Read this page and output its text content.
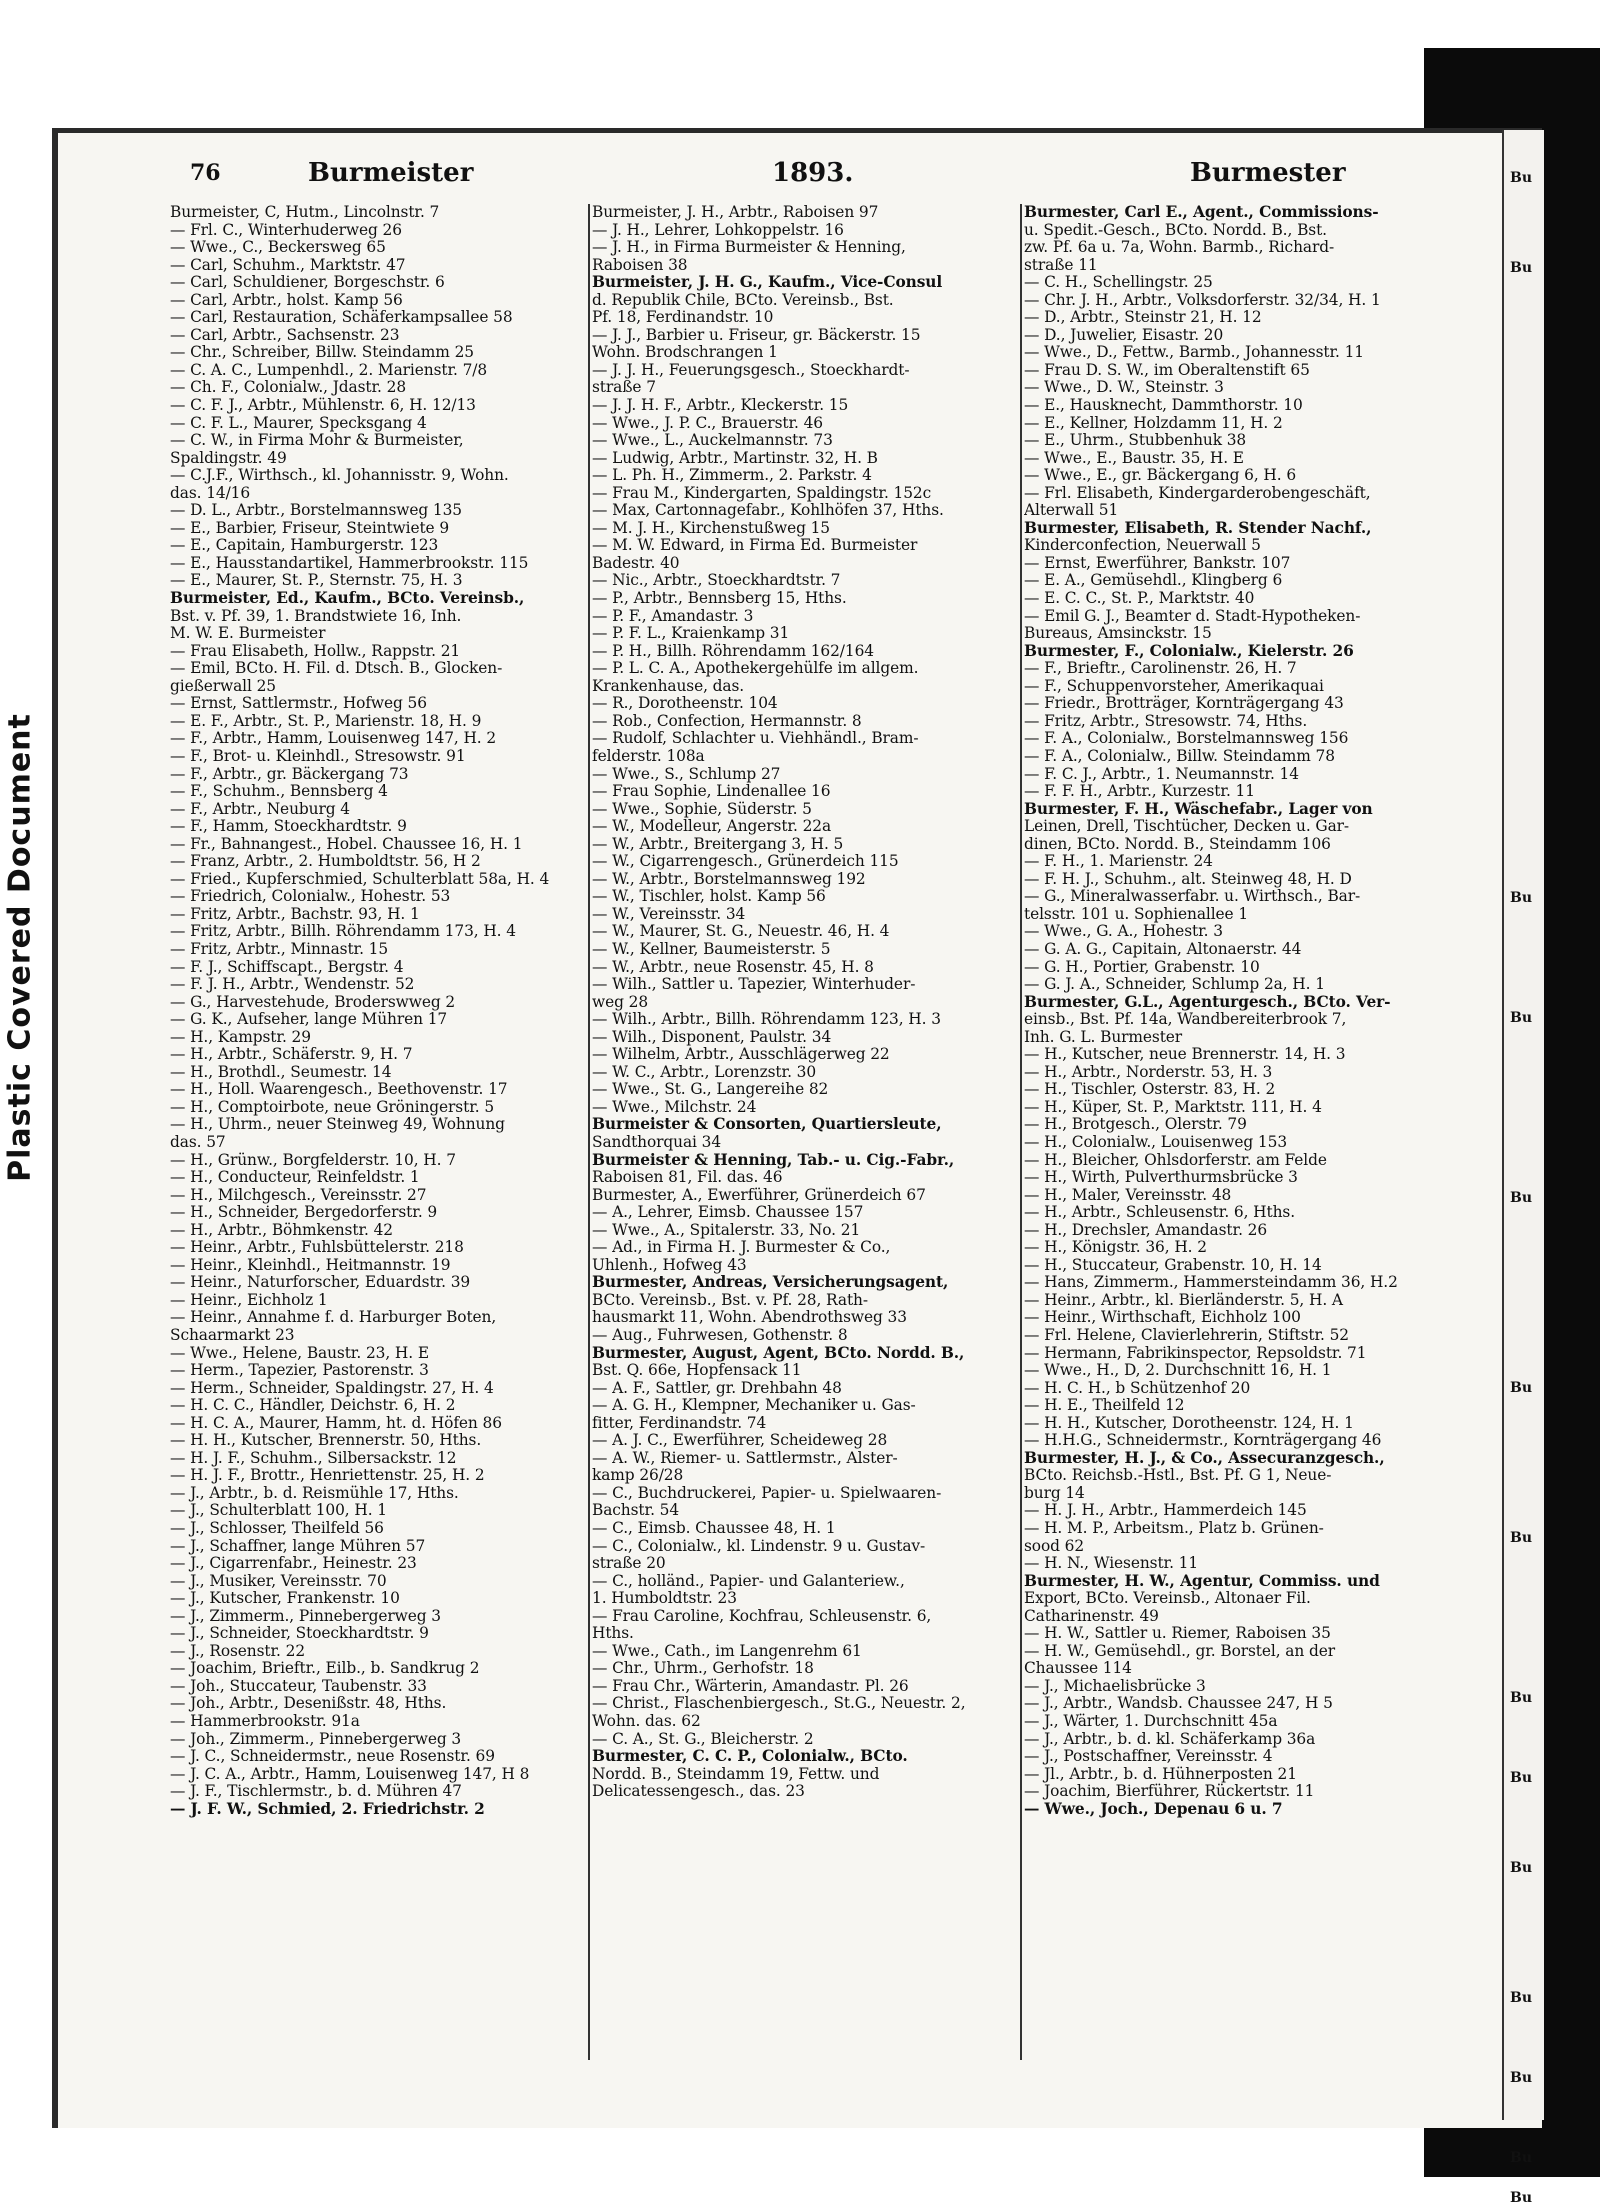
Plastic Covered Document
Bu
Bu
Bu
Bu
Bu
Bu
Bu
Bu
Bu
Bu
Bu
Bu
Bu
Bu
76	Burmeister	1893.	Burmester
Burmeister, C, Hutm., Lincolnstr. 7
— Frl. C., Winterhuderweg 26
— Wwe., C., Beckersweg 65
— Carl, Schuhm., Marktstr. 47
— Carl, Schuldiener, Borgeschstr. 6
— Carl, Arbtr., holst. Kamp 56
— Carl, Restauration, Schäferkampsallee 58
— Carl, Arbtr., Sachsenstr. 23
— Chr., Schreiber, Billw. Steindamm 25
— C. A. C., Lumpenhdl., 2. Marienstr. 7/8
— Ch. F., Colonialw., Jdastr. 28
— C. F. J., Arbtr., Mühlenstr. 6, H. 12/13
— C. F. L., Maurer, Specksgang 4
— C. W., in Firma Mohr & Burmeister,
Spaldingstr. 49
— C.J.F., Wirthsch., kl. Johannisstr. 9, Wohn.
das. 14/16
— D. L., Arbtr., Borstelmannsweg 135
— E., Barbier, Friseur, Steintwiete 9
— E., Capitain, Hamburgerstr. 123
— E., Hausstandartikel, Hammerbrookstr. 115
— E., Maurer, St. P., Sternstr. 75, H. 3
Burmeister, Ed., Kaufm., BCto. Vereinsb.,
Bst. v. Pf. 39, 1. Brandstwiete 16, Inh.
M. W. E. Burmeister
— Frau Elisabeth, Hollw., Rappstr. 21
— Emil, BCto. H. Fil. d. Dtsch. B., Glocken-
gießerwall 25
— Ernst, Sattlermstr., Hofweg 56
— E. F., Arbtr., St. P., Marienstr. 18, H. 9
— F., Arbtr., Hamm, Louisenweg 147, H. 2
— F., Brot- u. Kleinhdl., Stresowstr. 91
— F., Arbtr., gr. Bäckergang 73
— F., Schuhm., Bennsberg 4
— F., Arbtr., Neuburg 4
— F., Hamm, Stoeckhardtstr. 9
— Fr., Bahnangest., Hobel. Chaussee 16, H. 1
— Franz, Arbtr., 2. Humboldtstr. 56, H 2
— Fried., Kupferschmied, Schulterblatt 58a, H. 4
— Friedrich, Colonialw., Hohestr. 53
— Fritz, Arbtr., Bachstr. 93, H. 1
— Fritz, Arbtr., Billh. Röhrendamm 173, H. 4
— Fritz, Arbtr., Minnastr. 15
— F. J., Schiffscapt., Bergstr. 4
— F. J. H., Arbtr., Wendenstr. 52
— G., Harvestehude, Broderswweg 2
— G. K., Aufseher, lange Mühren 17
— H., Kampstr. 29
— H., Arbtr., Schäferstr. 9, H. 7
— H., Brothdl., Seumestr. 14
— H., Holl. Waarengesch., Beethovenstr. 17
— H., Comptoirbote, neue Gröningerstr. 5
— H., Uhrm., neuer Steinweg 49, Wohnung
das. 57
— H., Grünw., Borgfelderstr. 10, H. 7
— H., Conducteur, Reinfeldstr. 1
— H., Milchgesch., Vereinsstr. 27
— H., Schneider, Bergedorferstr. 9
— H., Arbtr., Böhmkenstr. 42
— Heinr., Arbtr., Fuhlsbüttelerstr. 218
— Heinr., Kleinhdl., Heitmannstr. 19
— Heinr., Naturforscher, Eduardstr. 39
— Heinr., Eichholz 1
— Heinr., Annahme f. d. Harburger Boten,
Schaarmarkt 23
— Wwe., Helene, Baustr. 23, H. E
— Herm., Tapezier, Pastorenstr. 3
— Herm., Schneider, Spaldingstr. 27, H. 4
— H. C. C., Händler, Deichstr. 6, H. 2
— H. C. A., Maurer, Hamm, ht. d. Höfen 86
— H. H., Kutscher, Brennerstr. 50, Hths.
— H. J. F., Schuhm., Silbersackstr. 12
— H. J. F., Brottr., Henriettenstr. 25, H. 2
— J., Arbtr., b. d. Reismühle 17, Hths.
— J., Schulterblatt 100, H. 1
— J., Schlosser, Theilfeld 56
— J., Schaffner, lange Mühren 57
— J., Cigarrenfabr., Heinestr. 23
— J., Musiker, Vereinsstr. 70
— J., Kutscher, Frankenstr. 10
— J., Zimmerm., Pinnebergerweg 3
— J., Schneider, Stoeckhardtstr. 9
— J., Rosenstr. 22
— Joachim, Brieftr., Eilb., b. Sandkrug 2
— Joh., Stuccateur, Taubenstr. 33
— Joh., Arbtr., Desenißstr. 48, Hths.
— Hammerbrookstr. 91a
— Joh., Zimmerm., Pinnebergerweg 3
— J. C., Schneidermstr., neue Rosenstr. 69
— J. C. A., Arbtr., Hamm, Louisenweg 147, H 8
— J. F., Tischlermstr., b. d. Mühren 47
— J. F. W., Schmied, 2. Friedrichstr. 2
Burmeister, J. H., Arbtr., Raboisen 97
— J. H., Lehrer, Lohkoppelstr. 16
— J. H., in Firma Burmeister & Henning,
Raboisen 38
Burmeister, J. H. G., Kaufm., Vice-Consul
d. Republik Chile, BCto. Vereinsb., Bst.
Pf. 18, Ferdinandstr. 10
— J. J., Barbier u. Friseur, gr. Bäckerstr. 15
Wohn. Brodschrangen 1
— J. J. H., Feuerungsgesch., Stoeckhardt-
straße 7
— J. J. H. F., Arbtr., Kleckerstr. 15
— Wwe., J. P. C., Brauerstr. 46
— Wwe., L., Auckelmannstr. 73
— Ludwig, Arbtr., Martinstr. 32, H. B
— L. Ph. H., Zimmerm., 2. Parkstr. 4
— Frau M., Kindergarten, Spaldingstr. 152c
— Max, Cartonnagefabr., Kohlhöfen 37, Hths.
— M. J. H., Kirchenstußweg 15
— M. W. Edward, in Firma Ed. Burmeister
Badestr. 40
— Nic., Arbtr., Stoeckhardtstr. 7
— P., Arbtr., Bennsberg 15, Hths.
— P. F., Amandastr. 3
— P. F. L., Kraienkamp 31
— P. H., Billh. Röhrendamm 162/164
— P. L. C. A., Apothekergehülfe im allgem.
Krankenhause, das.
— R., Dorotheenstr. 104
— Rob., Confection, Hermannstr. 8
— Rudolf, Schlachter u. Viehhändl., Bram-
felderstr. 108a
— Wwe., S., Schlump 27
— Frau Sophie, Lindenallee 16
— Wwe., Sophie, Süderstr. 5
— W., Modelleur, Angerstr. 22a
— W., Arbtr., Breitergang 3, H. 5
— W., Cigarrengesch., Grünerdeich 115
— W., Arbtr., Borstelmannsweg 192
— W., Tischler, holst. Kamp 56
— W., Vereinsstr. 34
— W., Maurer, St. G., Neuestr. 46, H. 4
— W., Kellner, Baumeisterstr. 5
— W., Arbtr., neue Rosenstr. 45, H. 8
— Wilh., Sattler u. Tapezier, Winterhuder-
weg 28
— Wilh., Arbtr., Billh. Röhrendamm 123, H. 3
— Wilh., Disponent, Paulstr. 34
— Wilhelm, Arbtr., Ausschlägerweg 22
— W. C., Arbtr., Lorenzstr. 30
— Wwe., St. G., Langereihe 82
— Wwe., Milchstr. 24
Burmeister & Consorten, Quartiersleute,
Sandthorquai 34
Burmeister & Henning, Tab.- u. Cig.-Fabr.,
Raboisen 81, Fil. das. 46
Burmester, A., Ewerführer, Grünerdeich 67
— A., Lehrer, Eimsb. Chaussee 157
— Wwe., A., Spitalerstr. 33, No. 21
— Ad., in Firma H. J. Burmester & Co.,
Uhlenh., Hofweg 43
Burmester, Andreas, Versicherungsagent,
BCto. Vereinsb., Bst. v. Pf. 28, Rath-
hausmarkt 11, Wohn. Abendrothsweg 33
— Aug., Fuhrwesen, Gothenstr. 8
Burmester, August, Agent, BCto. Nordd. B.,
Bst. Q. 66e, Hopfensack 11
— A. F., Sattler, gr. Drehbahn 48
— A. G. H., Klempner, Mechaniker u. Gas-
fitter, Ferdinandstr. 74
— A. J. C., Ewerführer, Scheideweg 28
— A. W., Riemer- u. Sattlermstr., Alster-
kamp 26/28
— C., Buchdruckerei, Papier- u. Spielwaaren-
Bachstr. 54
— C., Eimsb. Chaussee 48, H. 1
— C., Colonialw., kl. Lindenstr. 9 u. Gustav-
straße 20
— C., holländ., Papier- und Galanteriew.,
1. Humboldtstr. 23
— Frau Caroline, Kochfrau, Schleusenstr. 6,
Hths.
— Wwe., Cath., im Langenrehm 61
— Chr., Uhrm., Gerhofstr. 18
— Frau Chr., Wärterin, Amandastr. Pl. 26
— Christ., Flaschenbiergesch., St.G., Neuestr. 2,
Wohn. das. 62
— C. A., St. G., Bleicherstr. 2
Burmester, C. C. P., Colonialw., BCto.
Nordd. B., Steindamm 19, Fettw. und
Delicatessengesch., das. 23
Burmester, Carl E., Agent., Commissions-
u. Spedit.-Gesch., BCto. Nordd. B., Bst.
zw. Pf. 6a u. 7a, Wohn. Barmb., Richard-
straße 11
— C. H., Schellingstr. 25
— Chr. J. H., Arbtr., Volksdorferstr. 32/34, H. 1
— D., Arbtr., Steinstr 21, H. 12
— D., Juwelier, Eisastr. 20
— Wwe., D., Fettw., Barmb., Johannesstr. 11
— Frau D. S. W., im Oberaltenstift 65
— Wwe., D. W., Steinstr. 3
— E., Hausknecht, Dammthorstr. 10
— E., Kellner, Holzdamm 11, H. 2
— E., Uhrm., Stubbenhuk 38
— Wwe., E., Baustr. 35, H. E
— Wwe., E., gr. Bäckergang 6, H. 6
— Frl. Elisabeth, Kindergarderobengeschäft,
Alterwall 51
Burmester, Elisabeth, R. Stender Nachf.,
Kinderconfection, Neuerwall 5
— Ernst, Ewerführer, Bankstr. 107
— E. A., Gemüsehdl., Klingberg 6
— E. C. C., St. P., Marktstr. 40
— Emil G. J., Beamter d. Stadt-Hypotheken-
Bureaus, Amsinckstr. 15
Burmester, F., Colonialw., Kielerstr. 26
— F., Brieftr., Carolinenstr. 26, H. 7
— F., Schuppenvorsteher, Amerikaquai
— Friedr., Brotträger, Kornträgergang 43
— Fritz, Arbtr., Stresowstr. 74, Hths.
— F. A., Colonialw., Borstelmannsweg 156
— F. A., Colonialw., Billw. Steindamm 78
— F. C. J., Arbtr., 1. Neumannstr. 14
— F. F. H., Arbtr., Kurzestr. 11
Burmester, F. H., Wäschefabr., Lager von
Leinen, Drell, Tischtücher, Decken u. Gar-
dinen, BCto. Nordd. B., Steindamm 106
— F. H., 1. Marienstr. 24
— F. H. J., Schuhm., alt. Steinweg 48, H. D
— G., Mineralwasserfabr. u. Wirthsch., Bar-
telsstr. 101 u. Sophienallee 1
— Wwe., G. A., Hohestr. 3
— G. A. G., Capitain, Altonaerstr. 44
— G. H., Portier, Grabenstr. 10
— G. J. A., Schneider, Schlump 2a, H. 1
Burmester, G.L., Agenturgesch., BCto. Ver-
einsb., Bst. Pf. 14a, Wandbereiterbrook 7,
Inh. G. L. Burmester
— H., Kutscher, neue Brennerstr. 14, H. 3
— H., Arbtr., Norderstr. 53, H. 3
— H., Tischler, Osterstr. 83, H. 2
— H., Küper, St. P., Marktstr. 111, H. 4
— H., Brotgesch., Ölerstr. 79
— H., Colonialw., Louisenweg 153
— H., Bleicher, Ohlsdorferstr. am Felde
— H., Wirth, Pulverthurmsbrücke 3
— H., Maler, Vereinsstr. 48
— H., Arbtr., Schleusenstr. 6, Hths.
— H., Drechsler, Amandastr. 26
— H., Königstr. 36, H. 2
— H., Stuccateur, Grabenstr. 10, H. 14
— Hans, Zimmerm., Hammersteindamm 36, H.2
— Heinr., Arbtr., kl. Bierländerstr. 5, H. A
— Heinr., Wirthschaft, Eichholz 100
— Frl. Helene, Clavierlehrerin, Stiftstr. 52
— Hermann, Fabrikinspector, Repsoldstr. 71
— Wwe., H., D, 2. Durchschnitt 16, H. 1
— H. C. H., b Schützenhof 20
— H. E., Theilfeld 12
— H. H., Kutscher, Dorotheenstr. 124, H. 1
— H.H.G., Schneidermstr., Kornträgergang 46
Burmester, H. J., & Co., Assecuranzgesch.,
BCto. Reichsb.-Hstl., Bst. Pf. G 1, Neue-
burg 14
— H. J. H., Arbtr., Hammerdeich 145
— H. M. P., Arbeitsm., Platz b. Grünen-
sood 62
— H. N., Wiesenstr. 11
Burmester, H. W., Agentur, Commiss. und
Export, BCto. Vereinsb., Altonaer Fil.
Catharinenstr. 49
— H. W., Sattler u. Riemer, Raboisen 35
— H. W., Gemüsehdl., gr. Borstel, an der
Chaussee 114
— J., Michaelisbrücke 3
— J., Arbtr., Wandsb. Chaussee 247, H 5
— J., Wärter, 1. Durchschnitt 45a
— J., Arbtr., b. d. kl. Schäferkamp 36a
— J., Postschaffner, Vereinsstr. 4
— Jl., Arbtr., b. d. Hühnerposten 21
— Joachim, Bierführer, Rückertstr. 11
— Wwe., Joch., Depenau 6 u. 7
